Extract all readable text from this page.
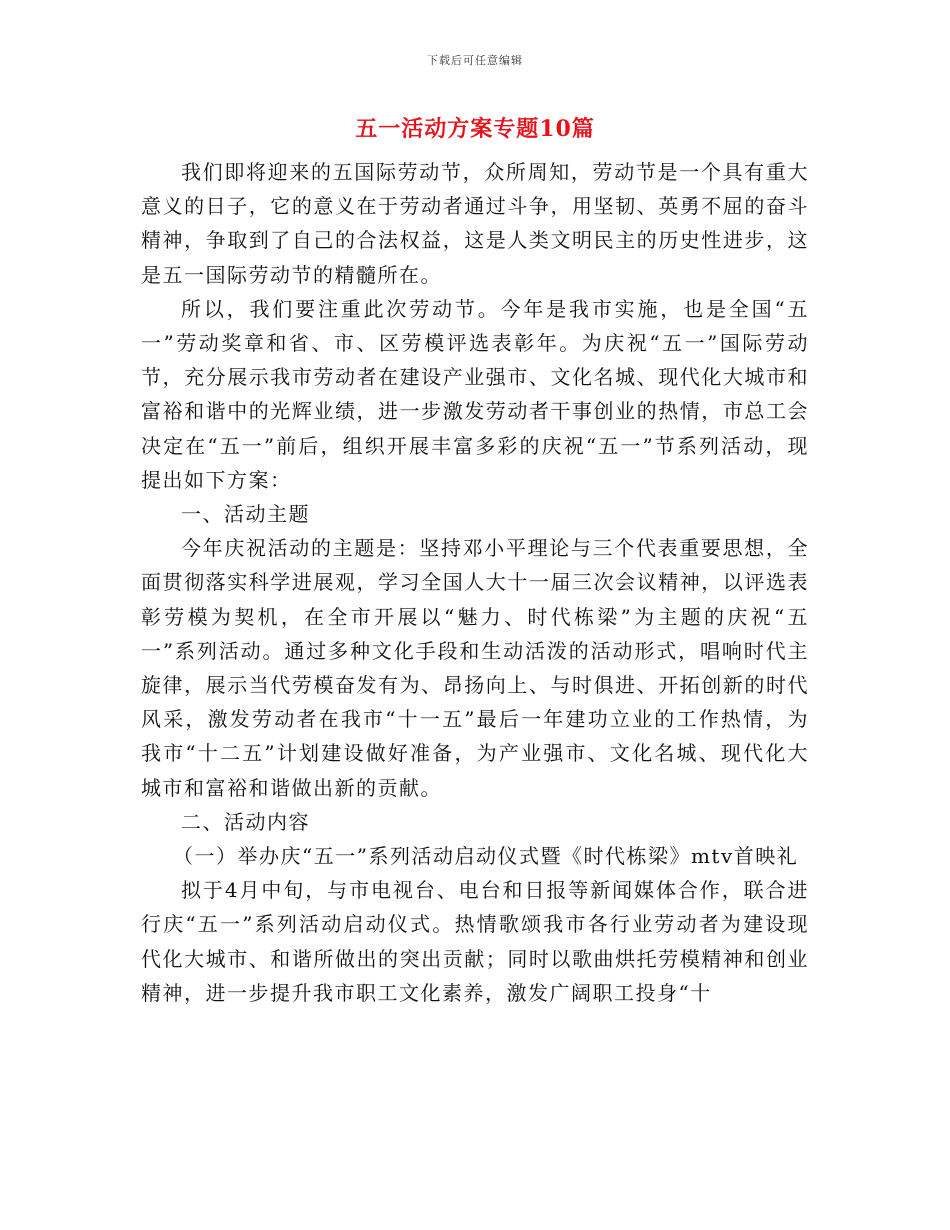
下载后可任意编辑
五一活动方案专题10篇

我们即将迎来的五国际劳动节，众所周知，劳动节是一个具有重大意义的日子，它的意义在于劳动者通过斗争，用坚韧、英勇不屈的奋斗精神，争取到了自己的合法权益，这是人类文明民主的历史性进步，这是五一国际劳动节的精髓所在。

所以，我们要注重此次劳动节。今年是我市实施，也是全国“五一”劳动奖章和省、市、区劳模评选表彰年。为庆祝“五一”国际劳动节，充分展示我市劳动者在建设产业强市、文化名城、现代化大城市和富裕和谐中的光辉业绩，进一步激发劳动者干事创业的热情，市总工会决定在“五一”前后，组织开展丰富多彩的庆祝“五一”节系列活动，现提出如下方案：

一、活动主题

今年庆祝活动的主题是：坚持邓小平理论与三个代表重要思想，全面贯彻落实科学进展观，学习全国人大十一届三次会议精神，以评选表彰劳模为契机，在全市开展以“魅力、时代栋梁”为主题的庆祝“五一”系列活动。通过多种文化手段和生动活泼的活动形式，唱响时代主旋律，展示当代劳模奋发有为、昂扬向上、与时俱进、开拓创新的时代风采，激发劳动者在我市“十一五”最后一年建功立业的工作热情，为我市“十二五”计划建设做好准备，为产业强市、文化名城、现代化大城市和富裕和谐做出新的贡献。

二、活动内容

（一）举办庆“五一”系列活动启动仪式暨《时代栋梁》mtv首映礼

拟于4月中旬，与市电视台、电台和日报等新闻媒体合作，联合进行庆“五一”系列活动启动仪式。热情歌颂我市各行业劳动者为建设现代化大城市、和谐所做出的突出贡献；同时以歌曲烘托劳模精神和创业精神，进一步提升我市职工文化素养，激发广阔职工投身“十
